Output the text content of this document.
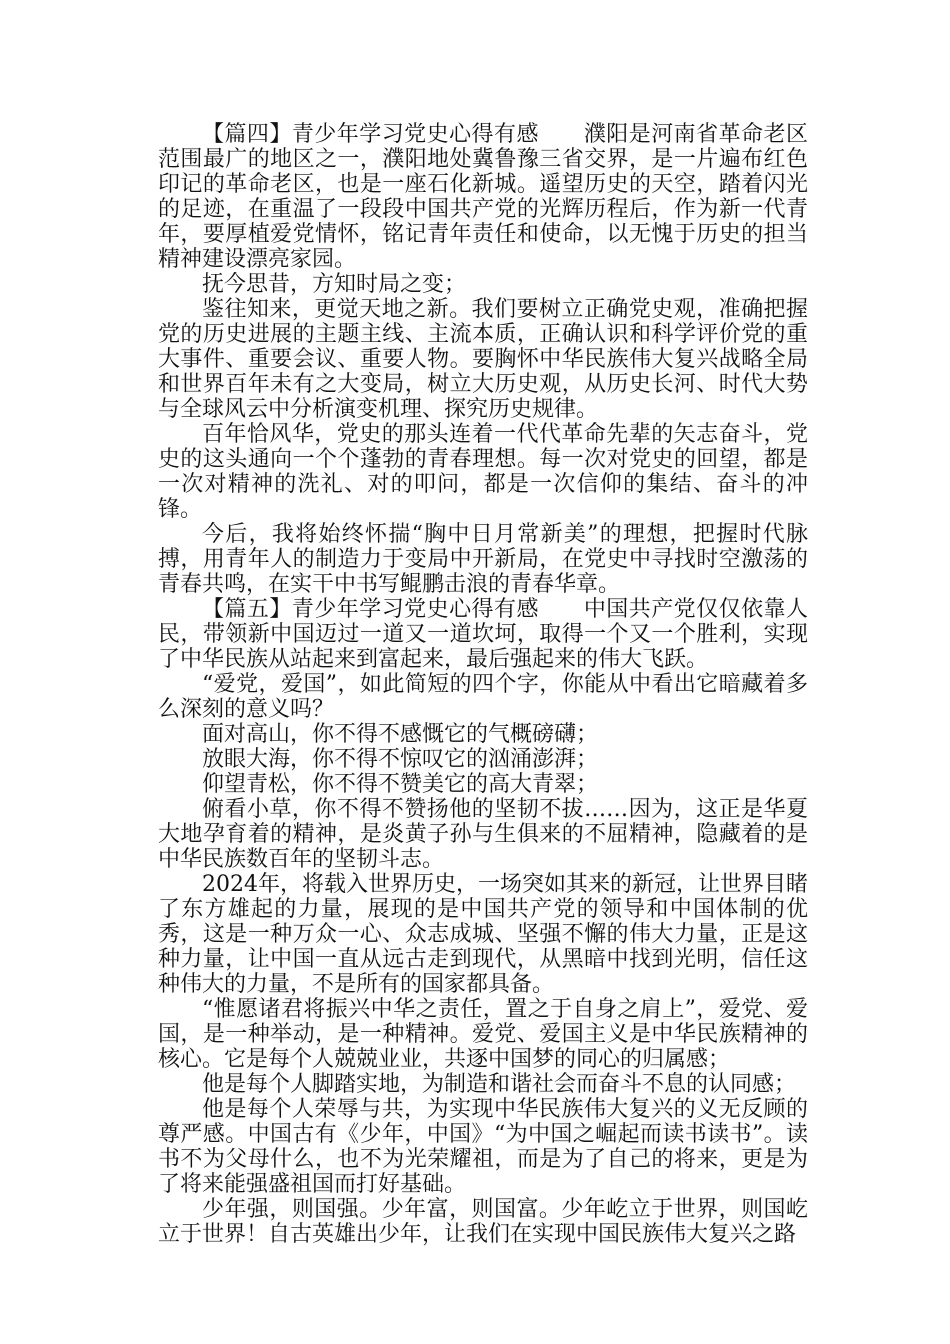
【篇四】青少年学习党史心得有感　　濮阳是河南省革命老区范围最广的地区之一，濮阳地处冀鲁豫三省交界，是一片遍布红色印记的革命老区，也是一座石化新城。遥望历史的天空，踏着闪光的足迹，在重温了一段段中国共产党的光辉历程后，作为新一代青年，要厚植爱党情怀，铭记青年责任和使命，以无愧于历史的担当精神建设漂亮家园。

抚今思昔，方知时局之变；

鉴往知来，更觉天地之新。我们要树立正确党史观，准确把握党的历史进展的主题主线、主流本质，正确认识和科学评价党的重大事件、重要会议、重要人物。要胸怀中华民族伟大复兴战略全局和世界百年未有之大变局，树立大历史观，从历史长河、时代大势与全球风云中分析演变机理、探究历史规律。

百年恰风华，党史的那头连着一代代革命先辈的矢志奋斗，党史的这头通向一个个蓬勃的青春理想。每一次对党史的回望，都是一次对精神的洗礼、对的叩问，都是一次信仰的集结、奋斗的冲锋。

今后，我将始终怀揣“胸中日月常新美”的理想，把握时代脉搏，用青年人的制造力于变局中开新局，在党史中寻找时空激荡的青春共鸣，在实干中书写鲲鹏击浪的青春华章。

【篇五】青少年学习党史心得有感　　中国共产党仅仅依靠人民，带领新中国迈过一道又一道坎坷，取得一个又一个胜利，实现了中华民族从站起来到富起来，最后强起来的伟大飞跃。

“爱党，爱国”，如此简短的四个字，你能从中看出它暗藏着多么深刻的意义吗？

面对高山，你不得不感慨它的气概磅礴；

放眼大海，你不得不惊叹它的汹涌澎湃；

仰望青松，你不得不赞美它的高大青翠；

俯看小草，你不得不赞扬他的坚韧不拔……因为，这正是华夏大地孕育着的精神，是炎黄子孙与生俱来的不屈精神，隐藏着的是中华民族数百年的坚韧斗志。

2024年，将载入世界历史，一场突如其来的新冠，让世界目睹了东方雄起的力量，展现的是中国共产党的领导和中国体制的优秀，这是一种万众一心、众志成城、坚强不懈的伟大力量，正是这种力量，让中国一直从远古走到现代，从黑暗中找到光明，信任这种伟大的力量，不是所有的国家都具备。

“惟愿诸君将振兴中华之责任，置之于自身之肩上”，爱党、爱国，是一种举动，是一种精神。爱党、爱国主义是中华民族精神的核心。它是每个人兢兢业业，共逐中国梦的同心的归属感；

他是每个人脚踏实地，为制造和谐社会而奋斗不息的认同感；

他是每个人荣辱与共，为实现中华民族伟大复兴的义无反顾的尊严感。中国古有《少年，中国》“为中国之崛起而读书读书”。读书不为父母什么，也不为光荣耀祖，而是为了自己的将来，更是为了将来能强盛祖国而打好基础。

少年强，则国强。少年富，则国富。少年屹立于世界，则国屹立于世界！自古英雄出少年，让我们在实现中国民族伟大复兴之路
